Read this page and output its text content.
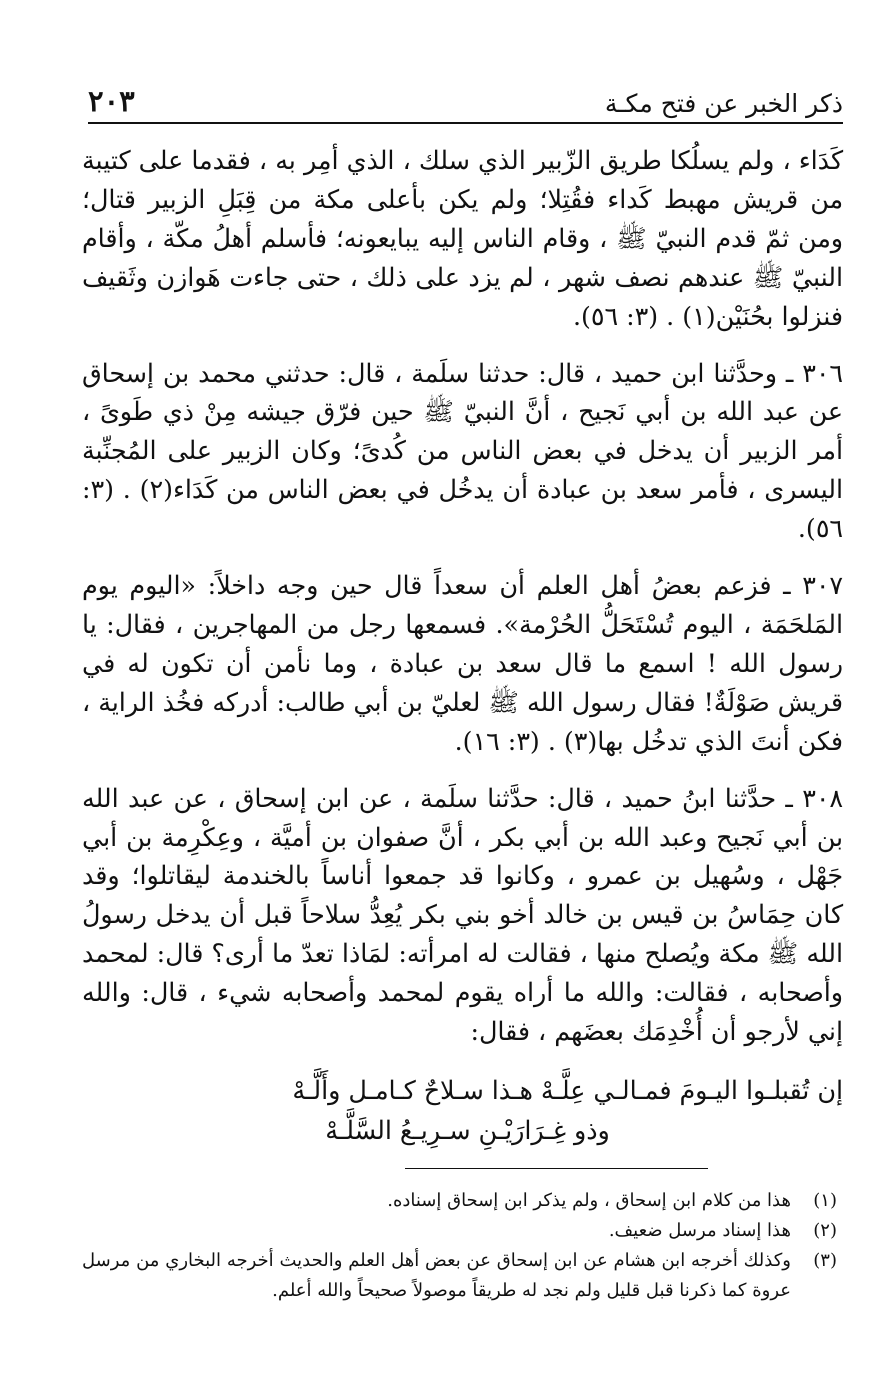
ذكر الخبر عن فتح مكـة
٢٠٣

كَدَاء ، ولم يسلُكا طريق الزّبير الذي سلك ، الذي أمِر به ، فقدما على كتيبة من قريش مهبط كَداء فقُتِلا؛ ولم يكن بأعلى مكة من قِبَلِ الزبير قتال؛ ومن ثمّ قدم النبيّ ﷺ ، وقام الناس إليه يبايعونه؛ فأسلم أهلُ مكّة ، وأقام النبيّ ﷺ عندهم نصف شهر ، لم يزد على ذلك ، حتى جاءت هَوازن وثَقيف فنزلوا بحُنَيْن(١) . (٣: ٥٦).

٣٠٦ ـ وحدَّثنا ابن حميد ، قال: حدثنا سلَمة ، قال: حدثني محمد بن إسحاق عن عبد الله بن أبي نَجيح ، أنَّ النبيّ ﷺ حين فرّق جيشه مِنْ ذي طَوىً ، أمر الزبير أن يدخل في بعض الناس من كُدىً؛ وكان الزبير على المُجنِّبة اليسرى ، فأمر سعد بن عبادة أن يدخُل في بعض الناس من كَدَاء(٢) . (٣: ٥٦).

٣٠٧ ـ فزعم بعضُ أهل العلم أن سعداً قال حين وجه داخلاً: «اليوم يوم المَلحَمَة ، اليوم تُسْتَحَلُّ الحُرْمة». فسمعها رجل من المهاجرين ، فقال: يا رسول الله ! اسمع ما قال سعد بن عبادة ، وما نأمن أن تكون له في قريش صَوْلَةٌ! فقال رسول الله ﷺ لعليّ بن أبي طالب: أدركه فخُذ الراية ، فكن أنتَ الذي تدخُل بها(٣) . (٣: ١٦).

٣٠٨ ـ حدَّثنا ابنُ حميد ، قال: حدَّثنا سلَمة ، عن ابن إسحاق ، عن عبد الله بن أبي نَجيح وعبد الله بن أبي بكر ، أنَّ صفوان بن أميَّة ، وعِكْرِمة بن أبي جَهْل ، وسُهيل بن عمرو ، وكانوا قد جمعوا أناساً بالخندمة ليقاتلوا؛ وقد كان حِمَاسُ بن قيس بن خالد أخو بني بكر يُعِدُّ سلاحاً قبل أن يدخل رسولُ الله ﷺ مكة ويُصلح منها ، فقالت له امرأته: لمَاذا تعدّ ما أرى؟ قال: لمحمد وأصحابه ، فقالت: والله ما أراه يقوم لمحمد وأصحابه شيء ، قال: والله إني لأرجو أن أُخْدِمَك بعضَهم ، فقال:

إن تُقبلـوا اليـومَ فمـالـي عِلَّـهْ هـذا سـلاحٌ كـامـل وأَلَّـهْ
وذو غِـرَارَيْـنِ سـرِيـعُ السَّلَّـهْ
(١)
هذا من كلام ابن إسحاق ، ولم يذكر ابن إسحاق إسناده.
(٢)
هذا إسناد مرسل ضعيف.
(٣)
وكذلك أخرجه ابن هشام عن ابن إسحاق عن بعض أهل العلم والحديث أخرجه البخاري من مرسل عروة كما ذكرنا قبل قليل ولم نجد له طريقاً موصولاً صحيحاً والله أعلم.
